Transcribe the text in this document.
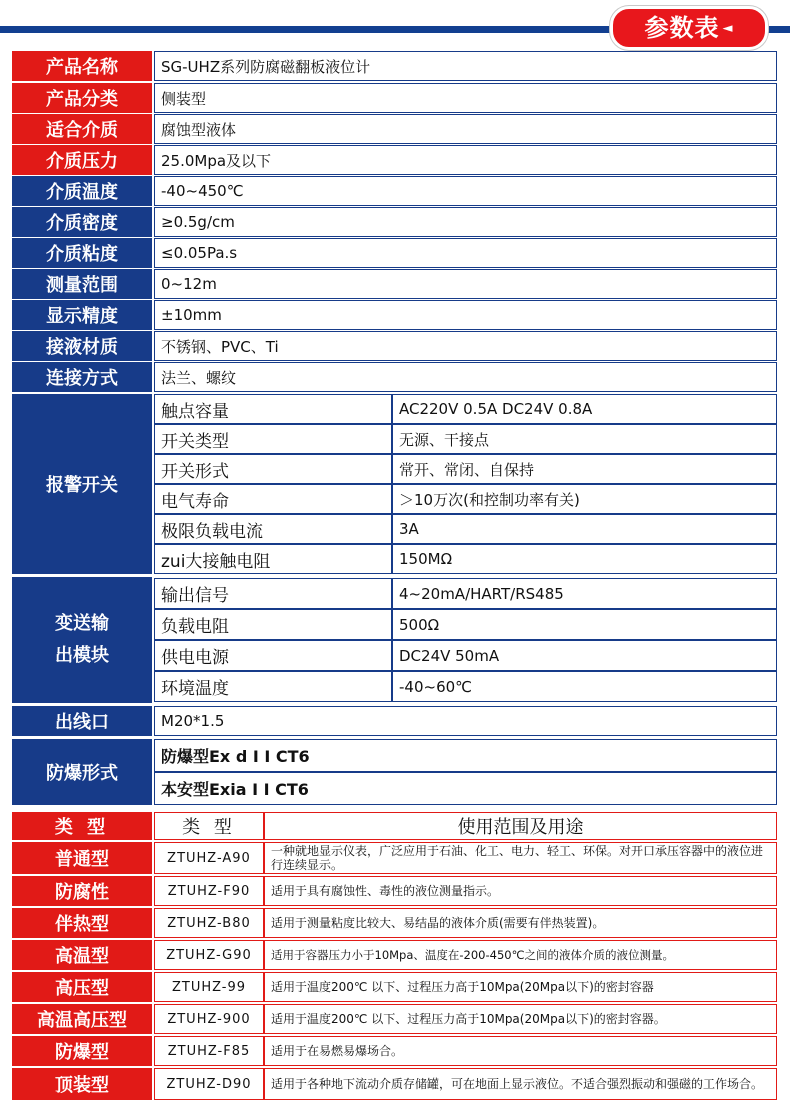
参数表 ◄
产品名称	SG-UHZ系列防腐磁翻板液位计
产品分类	侧装型
适合介质	腐蚀型液体
介质压力	25.0Mpa及以下
介质温度	-40~450℃
介质密度	≥0.5g/cm
介质粘度	≤0.05Pa.s
测量范围	0~12m
显示精度	±10mm
接液材质	不锈钢、PVC、Ti
连接方式	法兰、螺纹
报警开关
触点容量	AC220V 0.5A DC24V 0.8A
开关类型	无源、干接点
开关形式	常开、常闭、自保持
电气寿命	＞10万次(和控制功率有关)
极限负载电流	3A
zui大接触电阻	150MΩ
变送输
出模块
输出信号	4~20mA/HART/RS485
负载电阻	500Ω
供电电源	DC24V 50mA
环境温度	-40~60℃
出线口	M20*1.5
防爆形式
防爆型Ex d I I CT6
本安型Exia I I CT6
类 型	类 型	使用范围及用途
普通型	ZTUHZ-A90	一种就地显示仪表，广泛应用于石油、化工、电力、轻工、环保。对开口承压容器中的液位进行连续显示。
防腐性	ZTUHZ-F90	适用于具有腐蚀性、毒性的液位测量指示。
伴热型	ZTUHZ-B80	适用于测量粘度比较大、易结晶的液体介质(需要有伴热装置)。
高温型	ZTUHZ-G90	适用于容器压力小于10Mpa、温度在-200-450℃之间的液体介质的液位测量。
高压型	ZTUHZ-99	适用于温度200℃ 以下、过程压力高于10Mpa(20Mpa以下)的密封容器
高温高压型	ZTUHZ-900	适用于温度200℃ 以下、过程压力高于10Mpa(20Mpa以下)的密封容器。
防爆型	ZTUHZ-F85	适用于在易燃易爆场合。
顶装型	ZTUHZ-D90	适用于各种地下流动介质存储罐，可在地面上显示液位。不适合强烈振动和强磁的工作场合。
